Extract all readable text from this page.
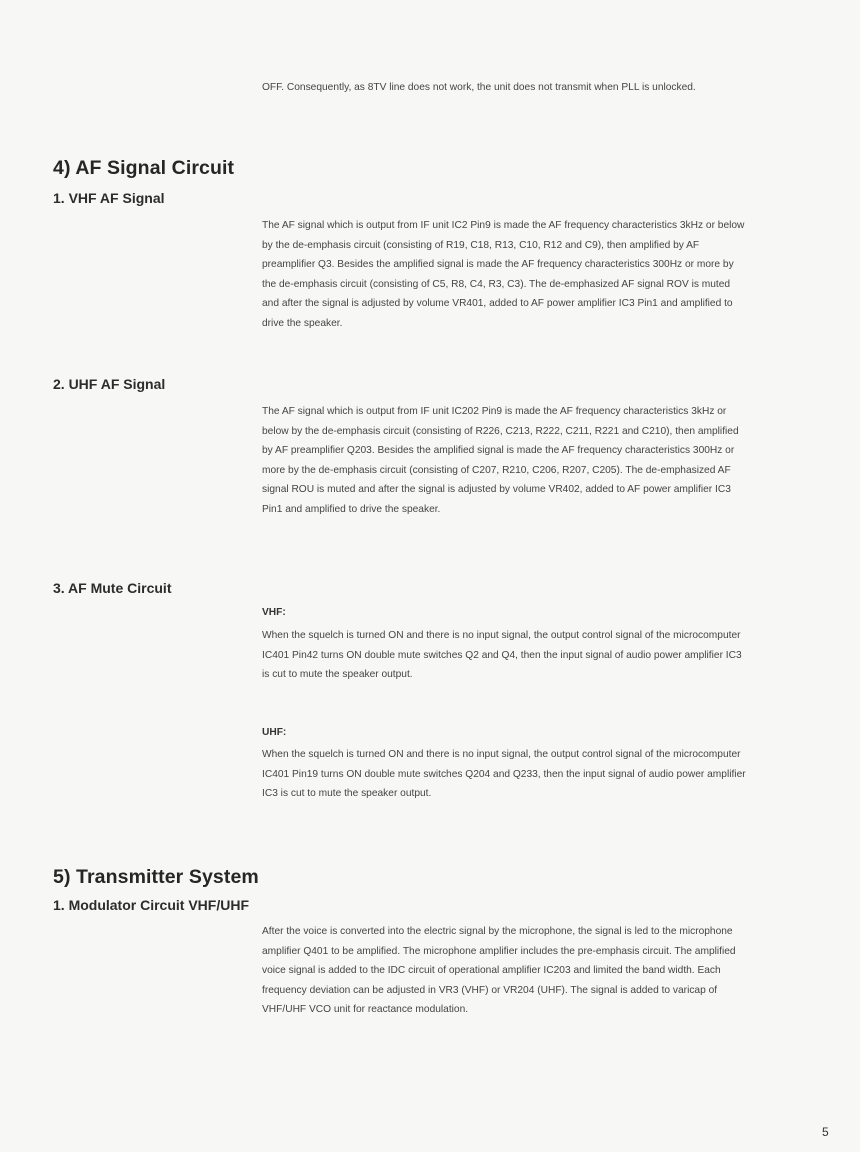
OFF. Consequently, as 8TV line does not work, the unit does not transmit when PLL is unlocked.

4) AF Signal Circuit
1. VHF AF Signal

The AF signal which is output from IF unit IC2 Pin9 is made the AF frequency characteristics 3kHz or below by the de-emphasis circuit (consisting of R19, C18, R13, C10, R12 and C9), then amplified by AF preamplifier Q3. Besides the amplified signal is made the AF frequency characteristics 300Hz or more by the de-emphasis circuit (consisting of C5, R8, C4, R3, C3). The de-emphasized AF signal ROV is muted and after the signal is adjusted by volume VR401, added to AF power amplifier IC3 Pin1 and amplified to drive the speaker.

2. UHF AF Signal

The AF signal which is output from IF unit IC202 Pin9 is made the AF frequency characteristics 3kHz or below by the de-emphasis circuit (consisting of R226, C213, R222, C211, R221 and C210), then amplified by AF preamplifier Q203. Besides the amplified signal is made the AF frequency characteristics 300Hz or more by the de-emphasis circuit (consisting of C207, R210, C206, R207, C205). The de-emphasized AF signal ROU is muted and after the signal is adjusted by volume VR402, added to AF power amplifier IC3 Pin1 and amplified to drive the speaker.

3. AF Mute Circuit

VHF:

When the squelch is turned ON and there is no input signal, the output control signal of the microcomputer IC401 Pin42 turns ON double mute switches Q2 and Q4, then the input signal of audio power amplifier IC3 is cut to mute the speaker output.

UHF:

When the squelch is turned ON and there is no input signal, the output control signal of the microcomputer IC401 Pin19 turns ON double mute switches Q204 and Q233, then the input signal of audio power amplifier IC3 is cut to mute the speaker output.

5) Transmitter System
1. Modulator Circuit VHF/UHF

After the voice is converted into the electric signal by the microphone, the signal is led to the microphone amplifier Q401 to be amplified. The microphone amplifier includes the pre-emphasis circuit. The amplified voice signal is added to the IDC circuit of operational amplifier IC203 and limited the band width. Each frequency deviation can be adjusted in VR3 (VHF) or VR204 (UHF). The signal is added to varicap of VHF/UHF VCO unit for reactance modulation.

5
